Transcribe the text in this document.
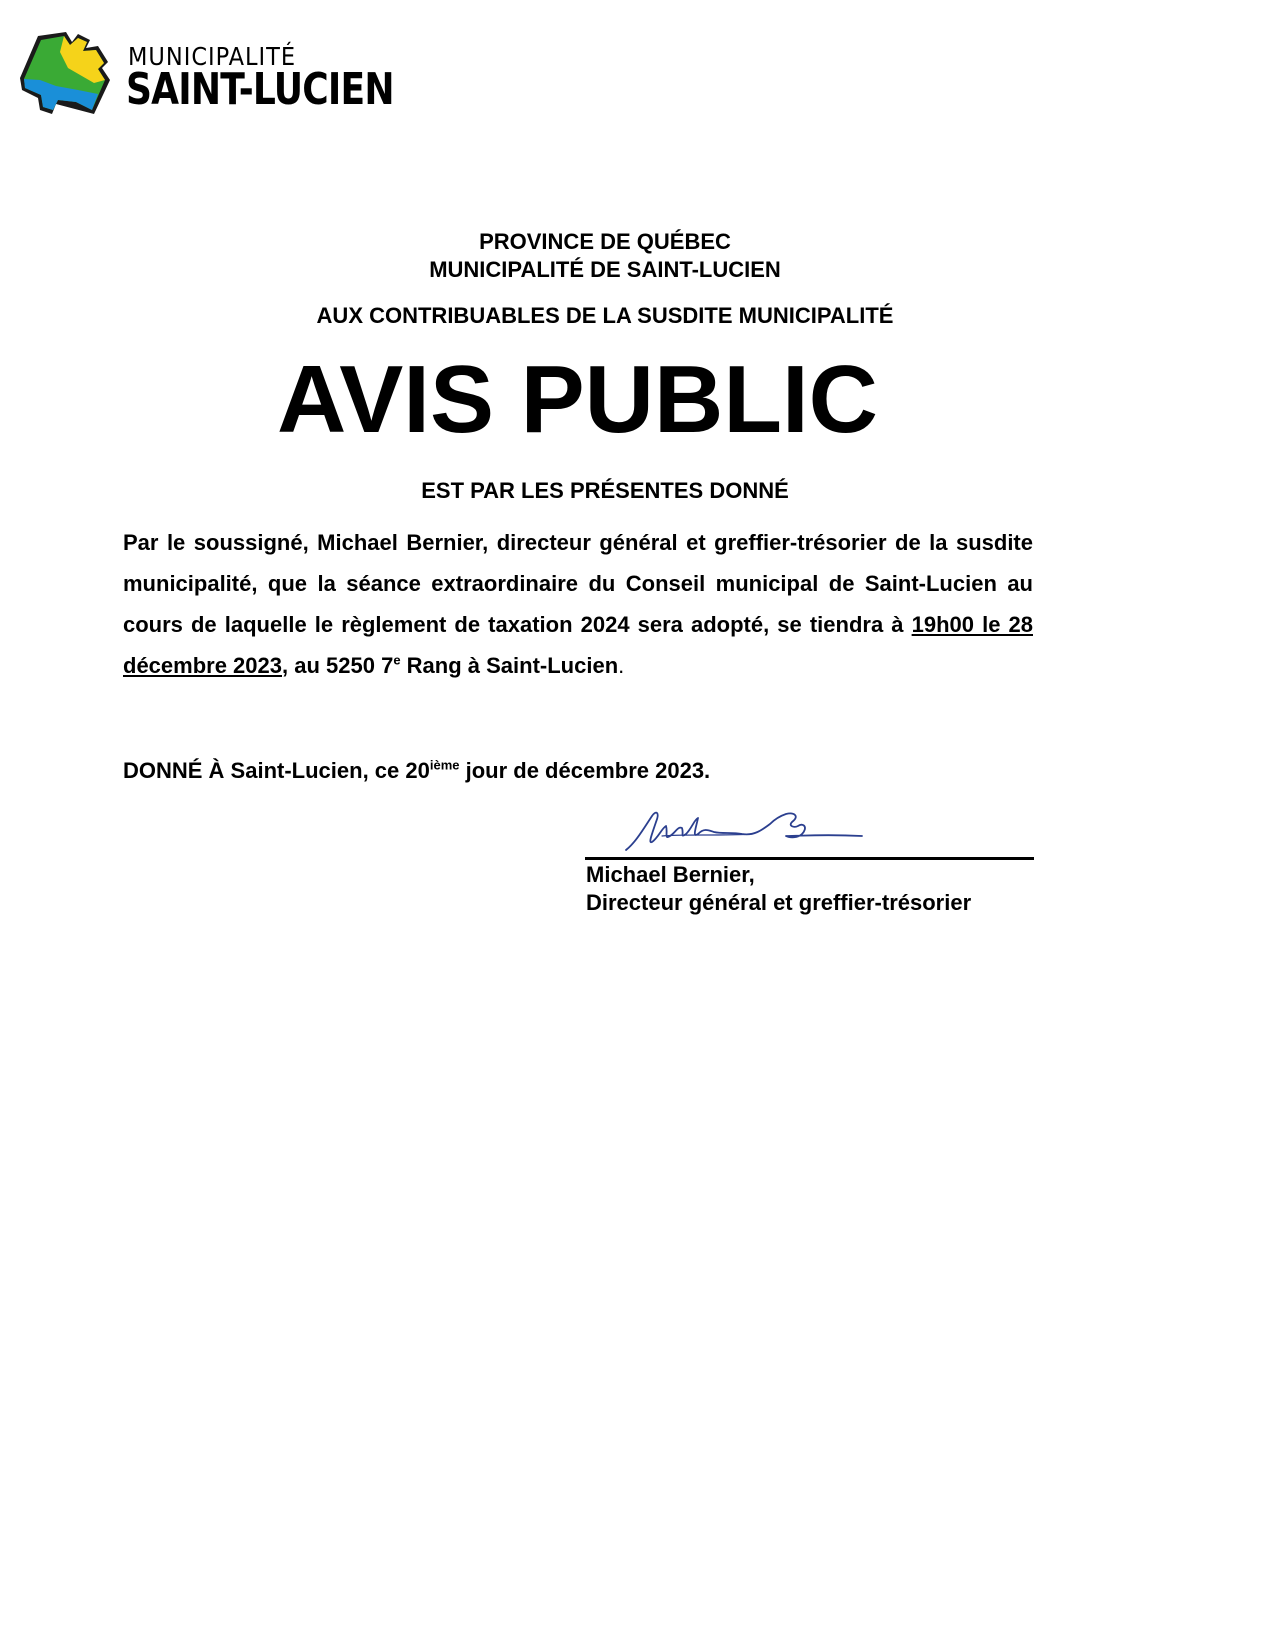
MUNICIPALITÉ
SAINT-LUCIEN
PROVINCE DE QUÉBEC
MUNICIPALITÉ DE SAINT-LUCIEN
AUX CONTRIBUABLES DE LA SUSDITE MUNICIPALITÉ
AVIS PUBLIC
EST PAR LES PRÉSENTES DONNÉ
Par le soussigné, Michael Bernier, directeur général et greffier-trésorier de la susdite municipalité, que la séance extraordinaire du Conseil municipal de Saint-Lucien au cours de laquelle le règlement de taxation 2024 sera adopté, se tiendra à 19h00 le 28 décembre 2023, au 5250 7e Rang à Saint-Lucien.
DONNÉ À Saint-Lucien, ce 20ième jour de décembre 2023.
Michael Bernier,
Directeur général et greffier-trésorier
